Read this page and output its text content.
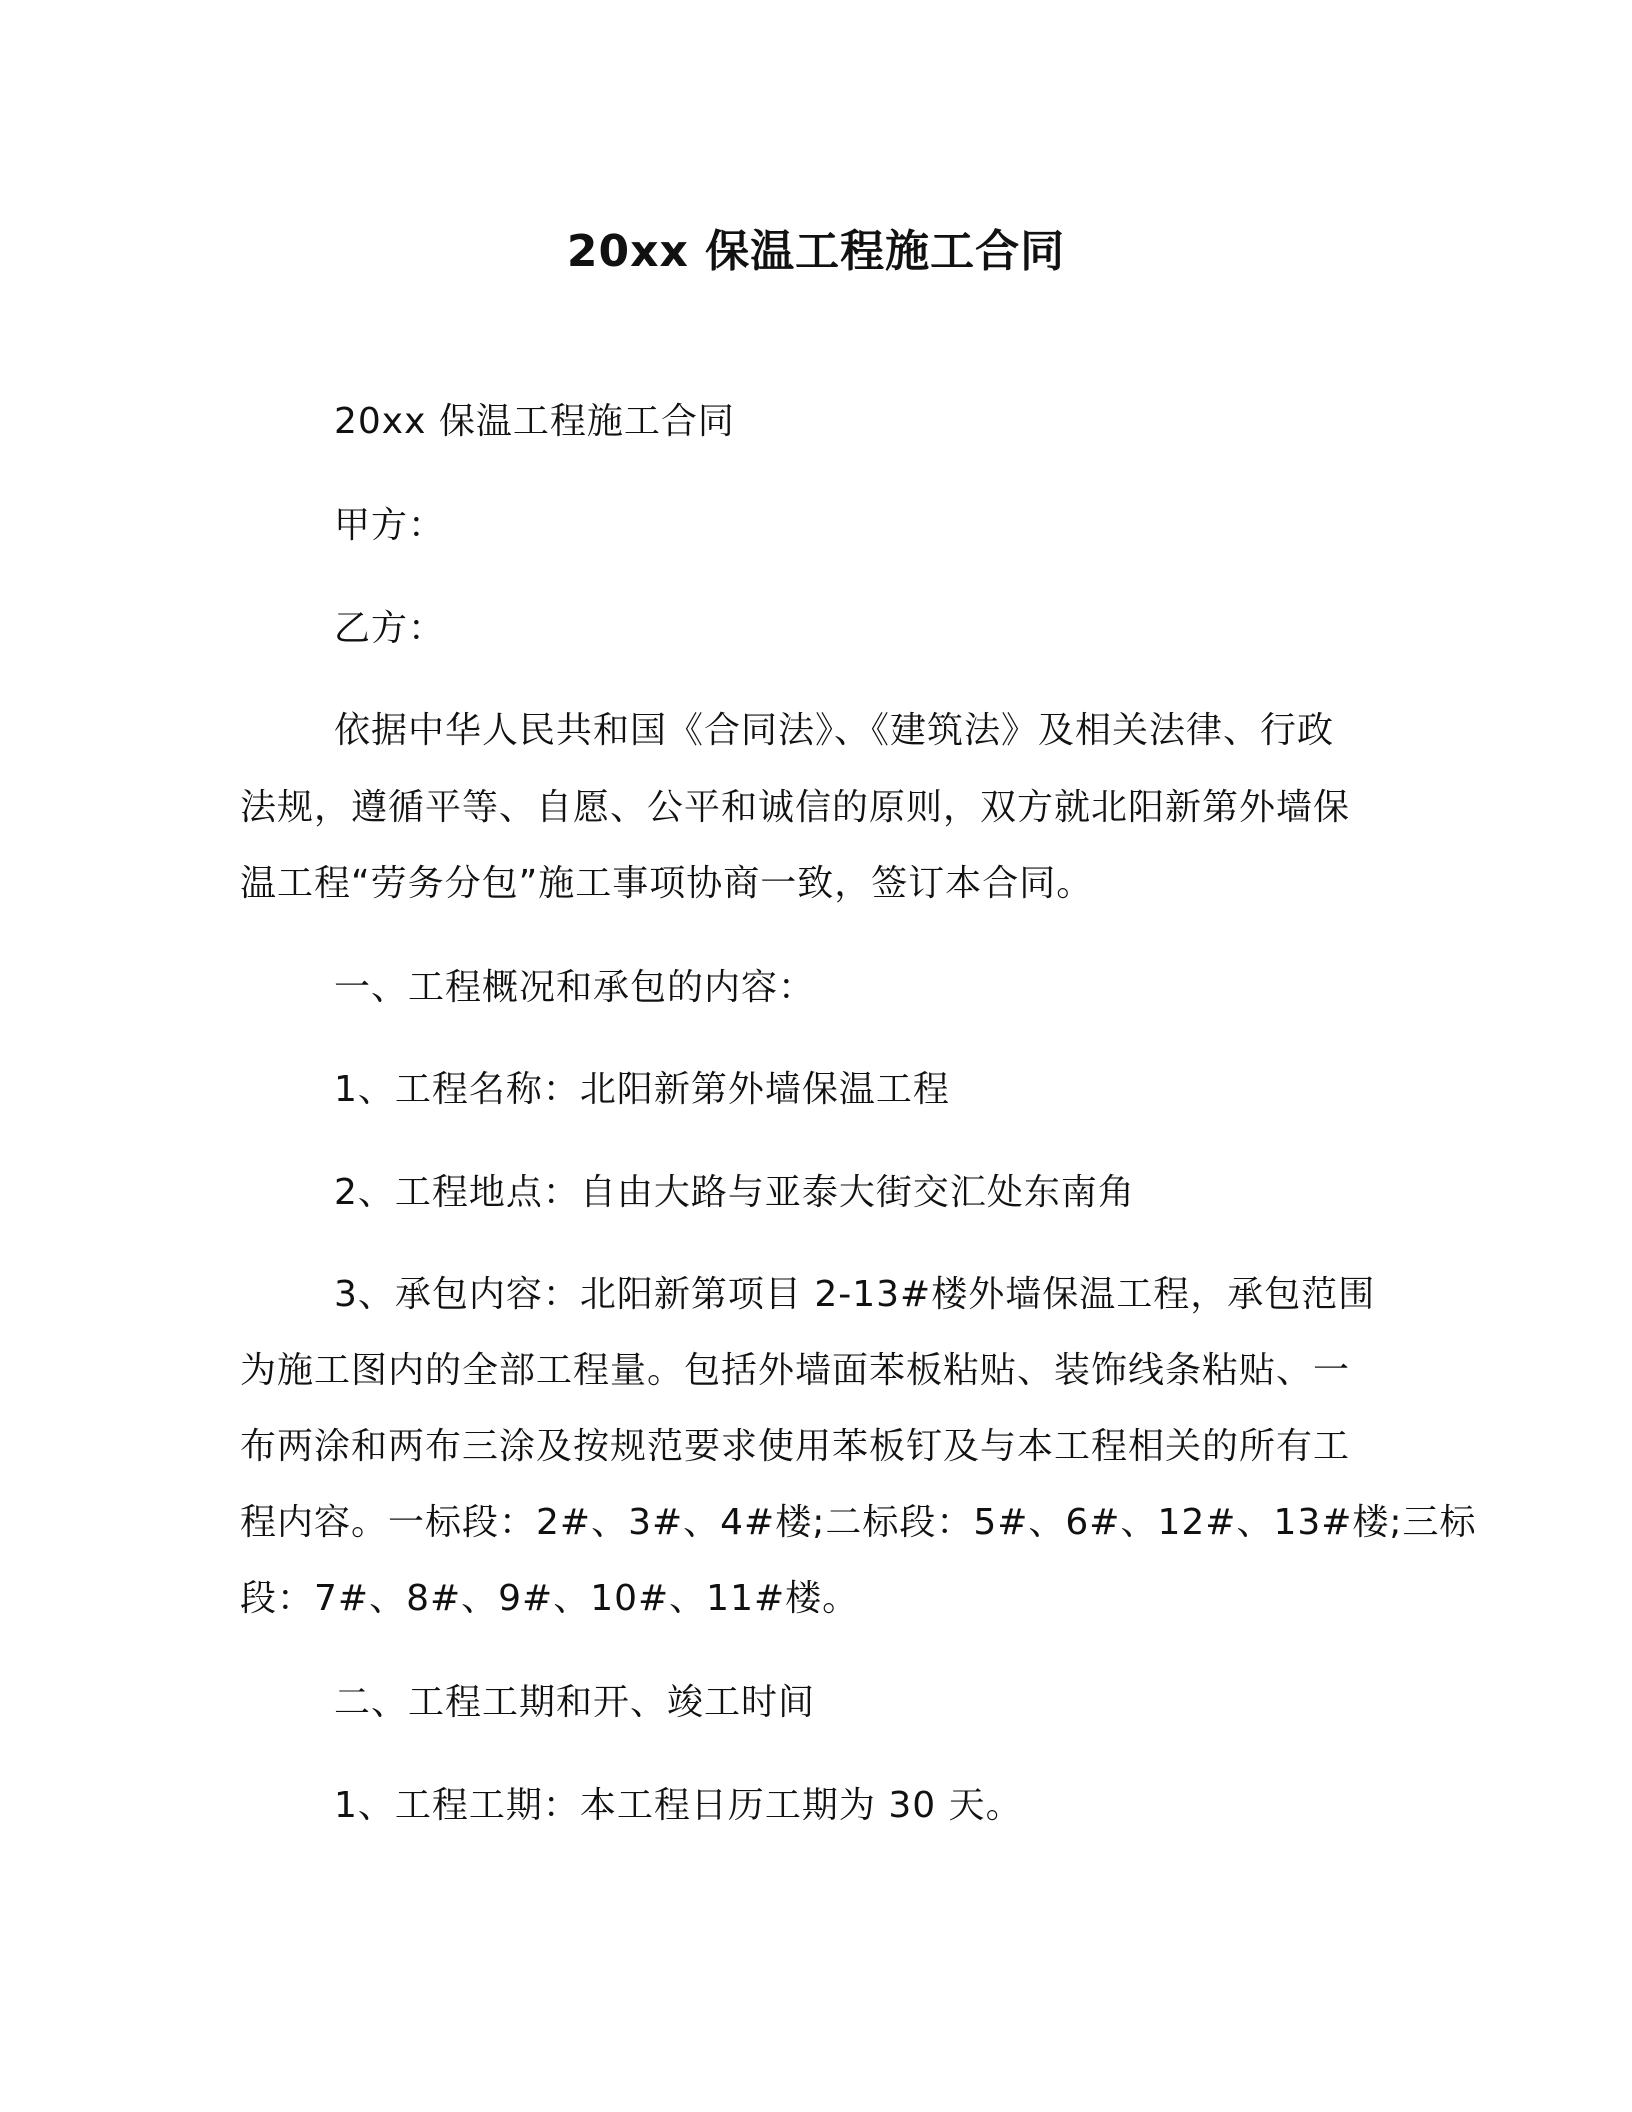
20xx 保温工程施工合同
20xx 保温工程施工合同
甲方：
乙方：
依据中华人民共和国《合同法》、《建筑法》及相关法律、行政
法规，遵循平等、自愿、公平和诚信的原则，双方就北阳新第外墙保
温工程“劳务分包”施工事项协商一致，签订本合同。
一、工程概况和承包的内容：
1、工程名称：北阳新第外墙保温工程
2、工程地点：自由大路与亚泰大街交汇处东南角
3、承包内容：北阳新第项目 2-13#楼外墙保温工程，承包范围
为施工图内的全部工程量。包括外墙面苯板粘贴、装饰线条粘贴、一
布两涂和两布三涂及按规范要求使用苯板钉及与本工程相关的所有工
程内容。一标段：2#、3#、4#楼;二标段：5#、6#、12#、13#楼;三标
段：7#、8#、9#、10#、11#楼。
二、工程工期和开、竣工时间
1、工程工期：本工程日历工期为 30 天。
